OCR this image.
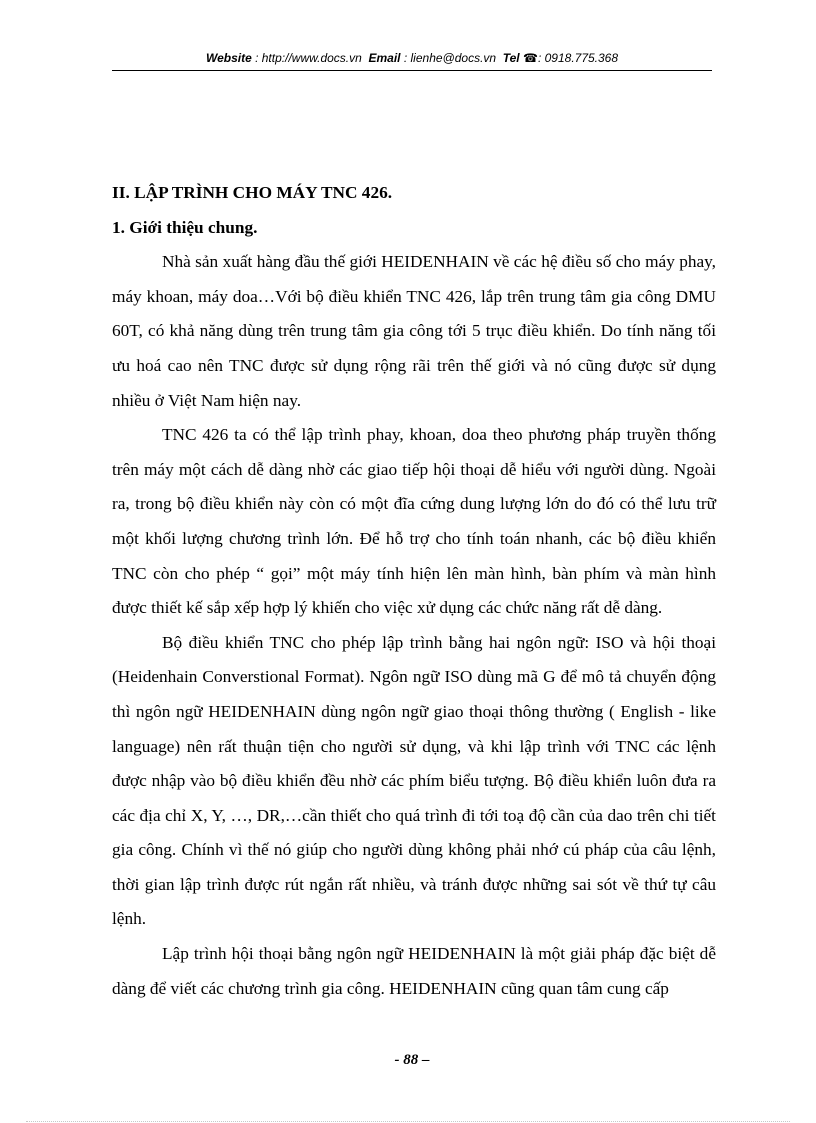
Website : http://www.docs.vn Email : lienhe@docs.vn Tel ☎: 0918.775.368

II. LẬP TRÌNH CHO MÁY TNC 426.

1. Giới thiệu chung.

Nhà sản xuất hàng đầu thế giới HEIDENHAIN về các hệ điều số cho máy phay, máy khoan, máy doa…Với bộ điều khiển TNC 426, lắp trên trung tâm gia công DMU 60T, có khả năng dùng trên trung tâm gia công tới 5 trục điều khiển. Do tính năng tối ưu hoá cao nên TNC được sử dụng rộng rãi trên thế giới và nó cũng được sử dụng nhiều ở Việt Nam hiện nay.

TNC 426 ta có thể lập trình phay, khoan, doa theo phương pháp truyền thống trên máy một cách dễ dàng nhờ các giao tiếp hội thoại dễ hiểu với người dùng. Ngoài ra, trong bộ điều khiển này còn có một đĩa cứng dung lượng lớn do đó có thể lưu trữ một khối lượng chương trình lớn. Để hỗ trợ cho tính toán nhanh, các bộ điều khiển TNC còn cho phép “ gọi” một máy tính hiện lên màn hình, bàn phím và màn hình được thiết kế sắp xếp hợp lý khiến cho việc xử dụng các chức năng rất dễ dàng.

Bộ điều khiển TNC cho phép lập trình bằng hai ngôn ngữ: ISO và hội thoại (Heidenhain Converstional Format). Ngôn ngữ ISO dùng mã G để mô tả chuyển động thì ngôn ngữ HEIDENHAIN dùng ngôn ngữ giao thoại thông thường ( English - like language) nên rất thuận tiện cho người sử dụng, và khi lập trình với TNC các lệnh được nhập vào bộ điều khiển đều nhờ các phím biểu tượng. Bộ điều khiển luôn đưa ra các địa chỉ X, Y, …, DR,…cần thiết cho quá trình đi tới toạ độ cần của dao trên chi tiết gia công. Chính vì thế nó giúp cho người dùng không phải nhớ cú pháp của câu lệnh, thời gian lập trình được rút ngắn rất nhiều, và tránh được những sai sót về thứ tự câu lệnh.

Lập trình hội thoại bằng ngôn ngữ HEIDENHAIN là một giải pháp đặc biệt dễ dàng để viết các chương trình gia công. HEIDENHAIN cũng quan tâm cung cấp

- 88 –
